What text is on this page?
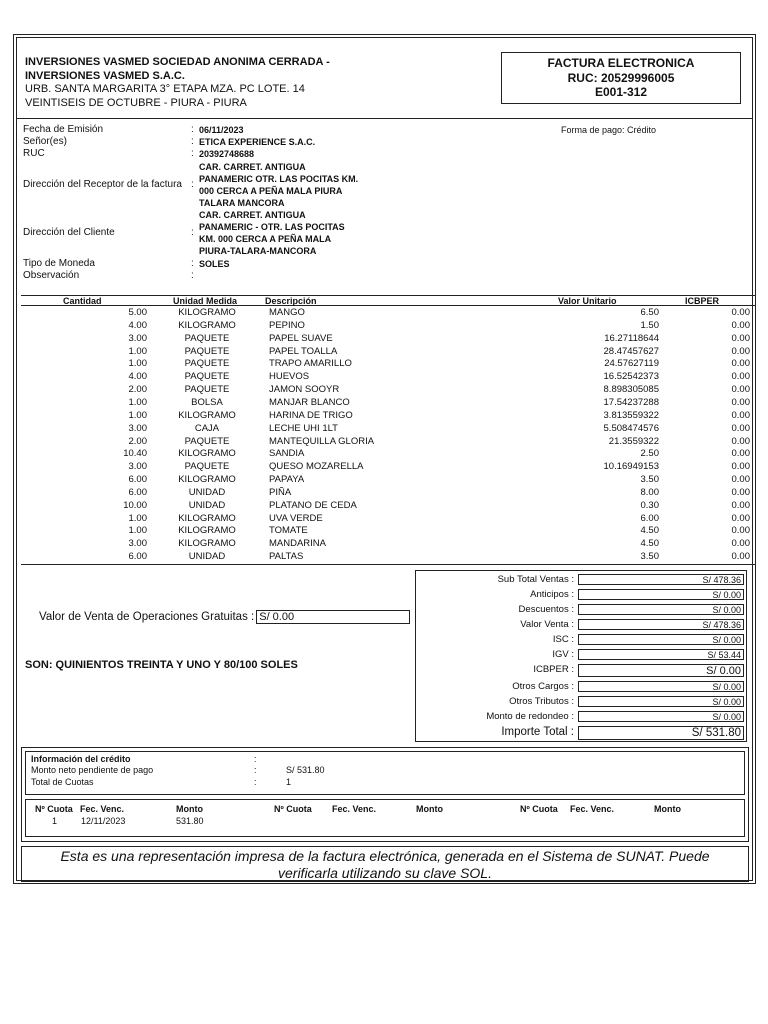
INVERSIONES VASMED SOCIEDAD ANONIMA CERRADA -
INVERSIONES VASMED S.A.C.
URB. SANTA MARGARITA 3° ETAPA MZA. PC LOTE. 14
VEINTISEIS DE OCTUBRE - PIURA - PIURA
FACTURA ELECTRONICA
RUC: 20529996005
E001-312
Fecha de Emisión	: 06/11/2023
Señor(es)	: ETICA EXPERIENCE S.A.C.
RUC	: 20392748688
Dirección del Receptor de la factura :
CAR. CARRET. ANTIGUA
PANAMERIC OTR. LAS POCITAS KM.
000 CERCA A PEÑA MALA PIURA
TALARA MANCORA
Dirección del Cliente	:
CAR. CARRET. ANTIGUA
PANAMERIC - OTR. LAS POCITAS
KM. 000 CERCA A PEÑA MALA
PIURA-TALARA-MANCORA
Tipo de Moneda	: SOLES
Observación	:
Forma de pago: Crédito
Cantidad	Unidad Medida	Descripción	Valor Unitario	ICBPER
5.00	KILOGRAMO	MANGO	6.50	0.00
4.00	KILOGRAMO	PEPINO	1.50	0.00
3.00	PAQUETE	PAPEL SUAVE	16.27118644	0.00
1.00	PAQUETE	PAPEL TOALLA	28.47457627	0.00
1.00	PAQUETE	TRAPO AMARILLO	24.57627119	0.00
4.00	PAQUETE	HUEVOS	16.52542373	0.00
2.00	PAQUETE	JAMON SOOYR	8.898305085	0.00
1.00	BOLSA	MANJAR BLANCO	17.54237288	0.00
1.00	KILOGRAMO	HARINA DE TRIGO	3.813559322	0.00
3.00	CAJA	LECHE UHI 1LT	5.508474576	0.00
2.00	PAQUETE	MANTEQUILLA GLORIA	21.3559322	0.00
10.40	KILOGRAMO	SANDIA	2.50	0.00
3.00	PAQUETE	QUESO MOZARELLA	10.16949153	0.00
6.00	KILOGRAMO	PAPAYA	3.50	0.00
6.00	UNIDAD	PIÑA	8.00	0.00
10.00	UNIDAD	PLATANO DE CEDA	0.30	0.00
1.00	KILOGRAMO	UVA VERDE	6.00	0.00
1.00	KILOGRAMO	TOMATE	4.50	0.00
3.00	KILOGRAMO	MANDARINA	4.50	0.00
6.00	UNIDAD	PALTAS	3.50	0.00
Valor de Venta de Operaciones Gratuitas : S/ 0.00
SON: QUINIENTOS TREINTA Y UNO Y 80/100 SOLES
Sub Total Ventas :	S/ 478.36
Anticipos :	S/ 0.00
Descuentos :	S/ 0.00
Valor Venta :	S/ 478.36
ISC :	S/ 0.00
IGV :	S/ 53.44
ICBPER :	S/ 0.00
Otros Cargos :	S/ 0.00
Otros Tributos :	S/ 0.00
Monto de redondeo :	S/ 0.00
Importe Total :	S/ 531.80
Información del crédito	:
Monto neto pendiente de pago	:	S/ 531.80
Total de Cuotas	:	1
Nº Cuota Fec. Venc.	Monto	Nº Cuota Fec. Venc.	Monto	Nº Cuota Fec. Venc.	Monto
1	12/11/2023	531.80
Esta es una representación impresa de la factura electrónica, generada en el Sistema de SUNAT. Puede
verificarla utilizando su clave SOL.
